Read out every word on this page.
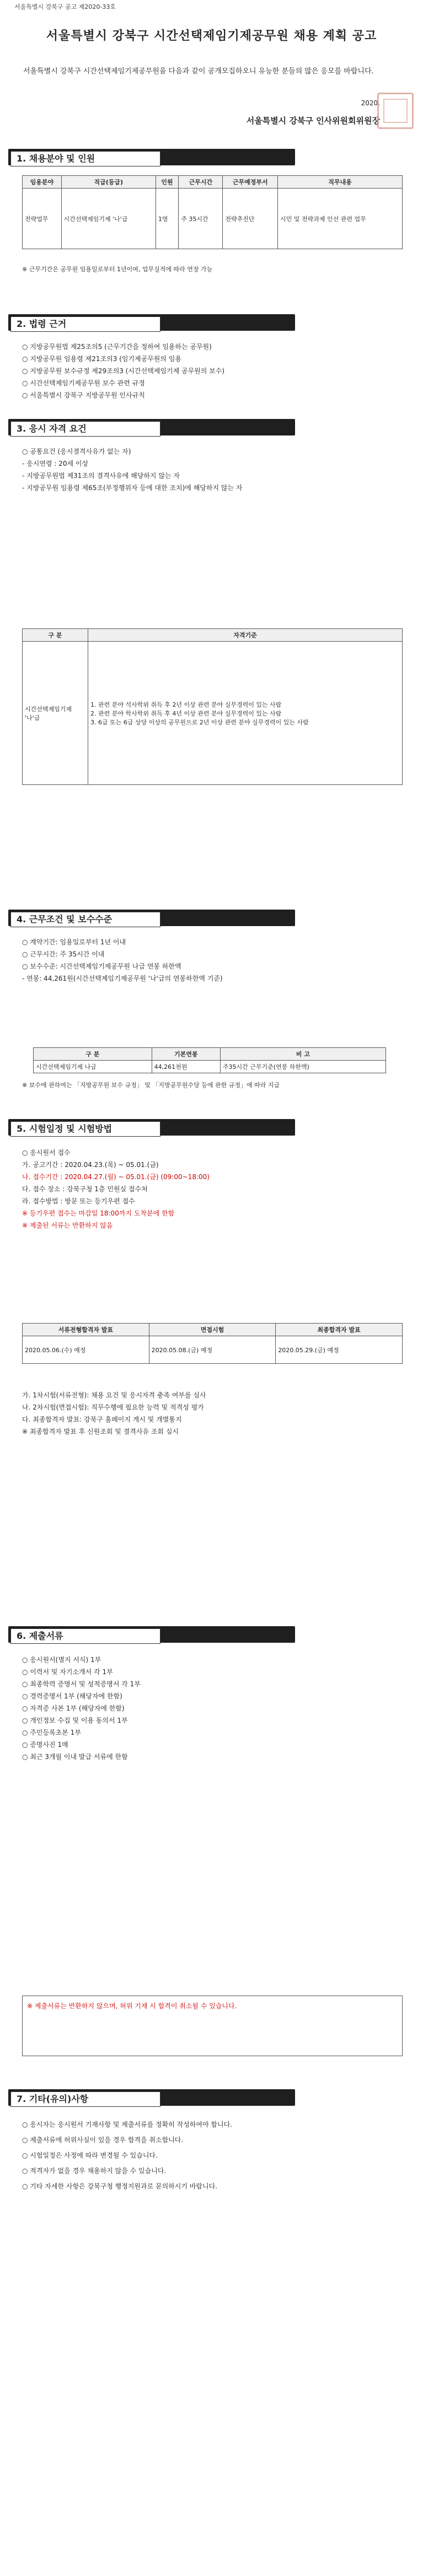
서울특별시 강북구 공고 제2020-33호
서울특별시 강북구 시간선택제임기제공무원 채용 계획 공고
서울특별시 강북구 시간선택제임기제공무원을 다음과 같이 공개모집하오니 유능한 분들의 많은 응모를 바랍니다.
2020.
서울특별시 강북구 인사위원회위원장
1. 채용분야 및 인원
임용분야	직급(등급)	인원	근무시간	근무예정부서	직무내용
전략업무	시간선택제임기제 '나'급	1명	주 35시간	전략추진단	시민 및 전략과제 인선 관련 업무
※ 근무기간은 공무원 임용일로부터 1년이며, 업무실적에 따라 연장 가능
2. 법령 근거
○ 지방공무원법 제25조의5 (근무기간을 정하여 임용하는 공무원)
○ 지방공무원 임용령 제21조의3 (임기제공무원의 임용
○ 지방공무원 보수규정 제29조의3 (시간선택제임기제 공무원의 보수)
○ 시간선택제임기제공무원 보수 관련 규정
○ 서울특별시 강북구 지방공무원 인사규칙
3. 응시 자격 요건
○ 공통요건 (응시결격사유가 없는 자)
- 응시연령 : 20세 이상
- 지방공무원법 제31조의 결격사유에 해당하지 않는 자
- 지방공무원 임용령 제65조(부정행위자 등에 대한 조치)에 해당하지 않는 자
구 분	자격기준
시간선택제임기제 '나'급	1. 관련 분야 석사학위 취득 후 2년 이상 관련 분야 실무경력이 있는 사람
2. 관련 분야 학사학위 취득 후 4년 이상 관련 분야 실무경력이 있는 사람
3. 6급 또는 6급 상당 이상의 공무원으로 2년 이상 관련 분야 실무경력이 있는 사람
4. 근무조건 및 보수수준
○ 계약기간: 임용일로부터 1년 이내
○ 근무시간: 주 35시간 이내
○ 보수수준: 시간선택제임기제공무원 나급 연봉 하한액
- 연봉: 44,261원(시간선택제임기제공무원 '나'급의 연봉하한액 기준)
구 분	기본연봉	비 고
시간선택제임기제 나급	44,261천원	주35시간 근무기준(연봉 하한액)
※ 보수에 관하여는 「지방공무원 보수 규정」 및 「지방공무원수당 등에 관한 규정」에 따라 지급
5. 시험일정 및 시험방법
○ 응시원서 접수
가. 공고기간 : 2020.04.23.(목) ~ 05.01.(금)
나. 접수기간 : 2020.04.27.(월) ~ 05.01.(금) (09:00~18:00)
다. 접수 장소 : 강북구청 1층 민원실 접수처
라. 접수방법 : 방문 또는 등기우편 접수
※ 등기우편 접수는 마감일 18:00까지 도착분에 한함
※ 제출된 서류는 반환하지 않음
서류전형합격자 발표	면접시험	최종합격자 발표
2020.05.06.(수) 예정	2020.05.08.(금) 예정	2020.05.29.(금) 예정
가. 1차시험(서류전형): 채용 요건 및 응시자격 충족 여부를 심사
나. 2차시험(면접시험): 직무수행에 필요한 능력 및 적격성 평가
다. 최종합격자 발표: 강북구 홈페이지 게시 및 개별통지
※ 최종합격자 발표 후 신원조회 및 결격사유 조회 실시
6. 제출서류
○ 응시원서(별지 서식) 1부
○ 이력서 및 자기소개서 각 1부
○ 최종학력 증명서 및 성적증명서 각 1부
○ 경력증명서 1부 (해당자에 한함)
○ 자격증 사본 1부 (해당자에 한함)
○ 개인정보 수집 및 이용 동의서 1부
○ 주민등록초본 1부
○ 증명사진 1매
○ 최근 3개월 이내 발급 서류에 한함
※ 제출서류는 반환하지 않으며, 허위 기재 시 합격이 취소될 수 있습니다.
7. 기타(유의)사항
○ 응시자는 응시원서 기재사항 및 제출서류를 정확히 작성하여야 합니다.
○ 제출서류에 허위사실이 있을 경우 합격을 취소합니다.
○ 시험일정은 사정에 따라 변경될 수 있습니다.
○ 적격자가 없을 경우 채용하지 않을 수 있습니다.
○ 기타 자세한 사항은 강북구청 행정지원과로 문의하시기 바랍니다.
